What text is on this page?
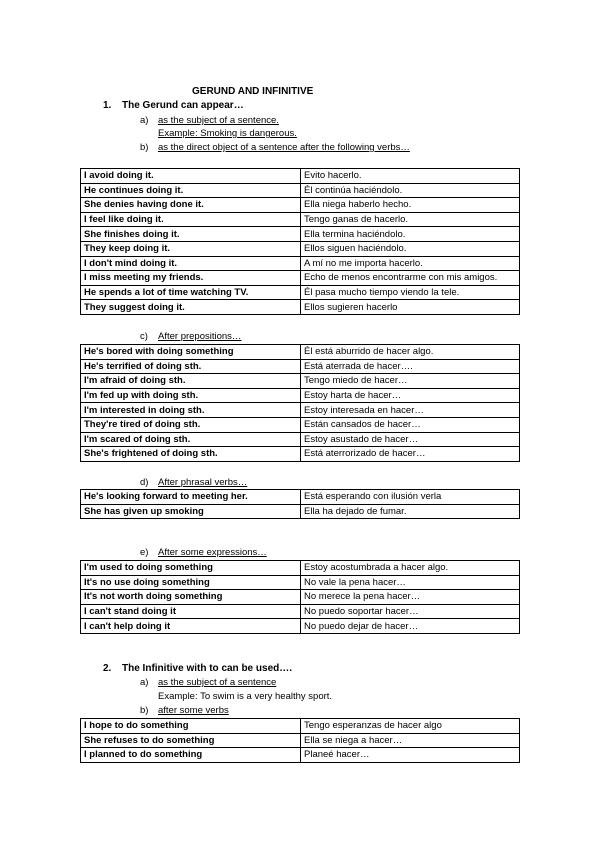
GERUND AND INFINITIVE
1. The Gerund can appear…
a) as the subject of a sentence.
Example: Smoking is dangerous.
b) as the direct object of a sentence after the following verbs…
I avoid doing it.	Evito hacerlo.
He continues doing it.	Él continúa haciéndolo.
She denies having done it.	Ella niega haberlo hecho.
I feel like doing it.	Tengo ganas de hacerlo.
She finishes doing it.	Ella termina haciéndolo.
They keep doing it.	Ellos siguen haciéndolo.
I don't mind doing it.	A mí no me importa hacerlo.
I miss meeting my friends.	Echo de menos encontrarme con mis amigos.
He spends a lot of time watching TV.	Él pasa mucho tiempo viendo la tele.
They suggest doing it.	Ellos sugieren hacerlo
c) After prepositions…
He's bored with doing something	Él está aburrido de hacer algo.
He's terrified of doing sth.	Está aterrada de hacer….
I'm afraid of doing sth.	Tengo miedo de hacer…
I'm fed up with doing sth.	Estoy harta de hacer…
I'm interested in doing sth.	Estoy interesada en hacer…
They're tired of doing sth.	Están cansados de hacer…
I'm scared of doing sth.	Estoy asustado de hacer…
She's frightened of doing sth.	Está aterrorizado de hacer…
d) After phrasal verbs…
He's looking forward to meeting her.	Está esperando con ilusión verla
She has given up smoking	Ella ha dejado de fumar.
e) After some expressions…
I'm used to doing something	Estoy acostumbrada a hacer algo.
It's no use doing something	No vale la pena hacer…
It's not worth doing something	No merece la pena hacer…
I can't stand doing it	No puedo soportar hacer…
I can't help doing it	No puedo dejar de hacer…
2. The Infinitive with to can be used….
a) as the subject of a sentence
Example: To swim is a very healthy sport.
b) after some verbs
I hope to do something	Tengo esperanzas de hacer algo
She refuses to do something	Ella se niega a hacer…
I planned to do something	Planeé hacer…
